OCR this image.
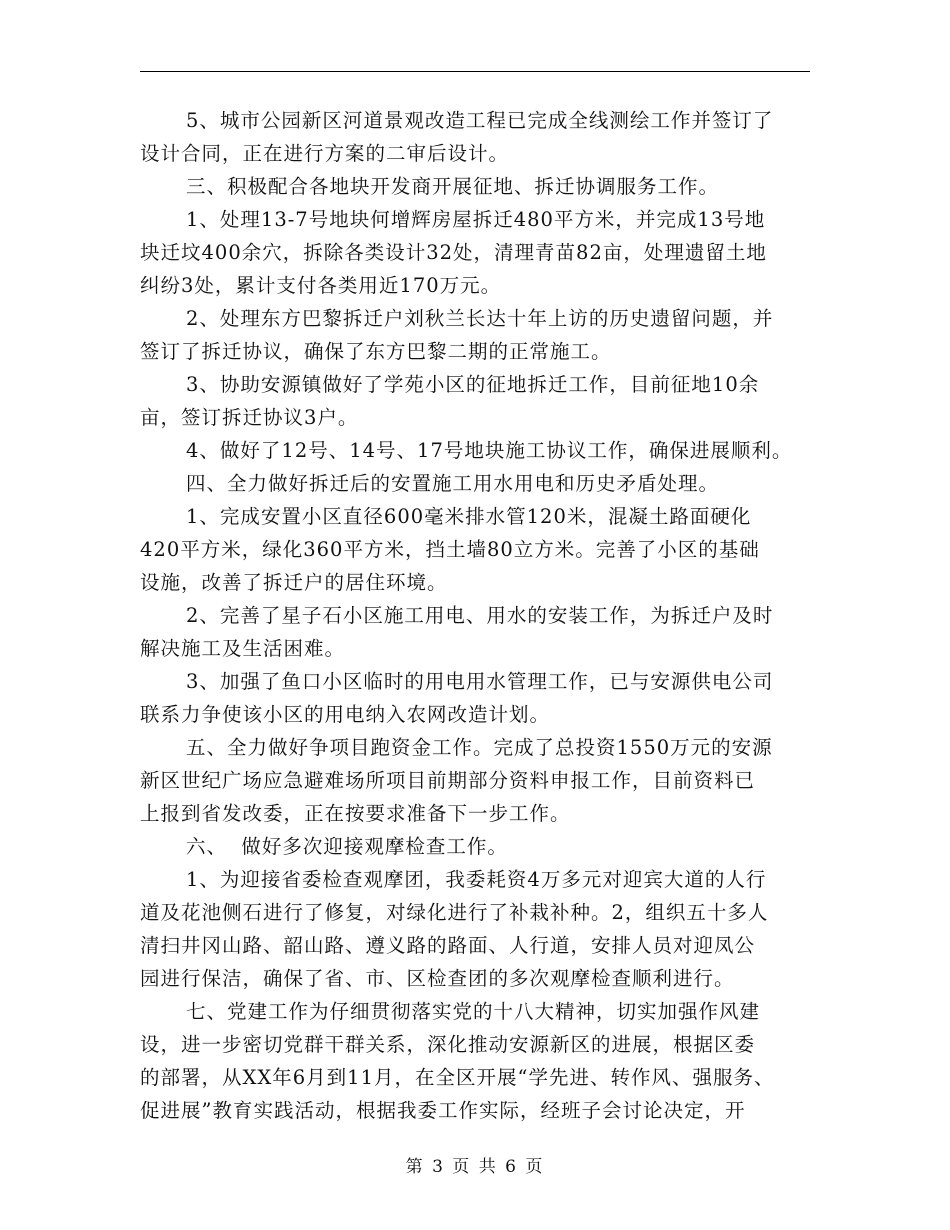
5、城市公园新区河道景观改造工程已完成全线测绘工作并签订了
设计合同，正在进行方案的二审后设计。
三、积极配合各地块开发商开展征地、拆迁协调服务工作。
1、处理13-7号地块何增辉房屋拆迁480平方米，并完成13号地
块迁坟400余穴，拆除各类设计32处，清理青苗82亩，处理遗留土地
纠纷3处，累计支付各类用近170万元。
2、处理东方巴黎拆迁户刘秋兰长达十年上访的历史遗留问题，并
签订了拆迁协议，确保了东方巴黎二期的正常施工。
3、协助安源镇做好了学苑小区的征地拆迁工作，目前征地10余
亩，签订拆迁协议3户。
4、做好了12号、14号、17号地块施工协议工作，确保进展顺利。
四、全力做好拆迁后的安置施工用水用电和历史矛盾处理。
1、完成安置小区直径600毫米排水管120米，混凝土路面硬化
420平方米，绿化360平方米，挡土墙80立方米。完善了小区的基础
设施，改善了拆迁户的居住环境。
2、完善了星子石小区施工用电、用水的安装工作，为拆迁户及时
解决施工及生活困难。
3、加强了鱼口小区临时的用电用水管理工作，已与安源供电公司
联系力争使该小区的用电纳入农网改造计划。
五、全力做好争项目跑资金工作。完成了总投资1550万元的安源
新区世纪广场应急避难场所项目前期部分资料申报工作，目前资料已
上报到省发改委，正在按要求准备下一步工作。
六、  做好多次迎接观摩检查工作。
1、为迎接省委检查观摩团，我委耗资4万多元对迎宾大道的人行
道及花池侧石进行了修复，对绿化进行了补栽补种。2，组织五十多人
清扫井冈山路、韶山路、遵义路的路面、人行道，安排人员对迎凤公
园进行保洁，确保了省、市、区检查团的多次观摩检查顺利进行。
七、党建工作为仔细贯彻落实党的十八大精神，切实加强作风建
设，进一步密切党群干群关系，深化推动安源新区的进展，根据区委
的部署，从XX年6月到11月，在全区开展“学先进、转作风、强服务、
促进展”教育实践活动，根据我委工作实际，经班子会讨论决定，开
第 3 页 共 6 页
